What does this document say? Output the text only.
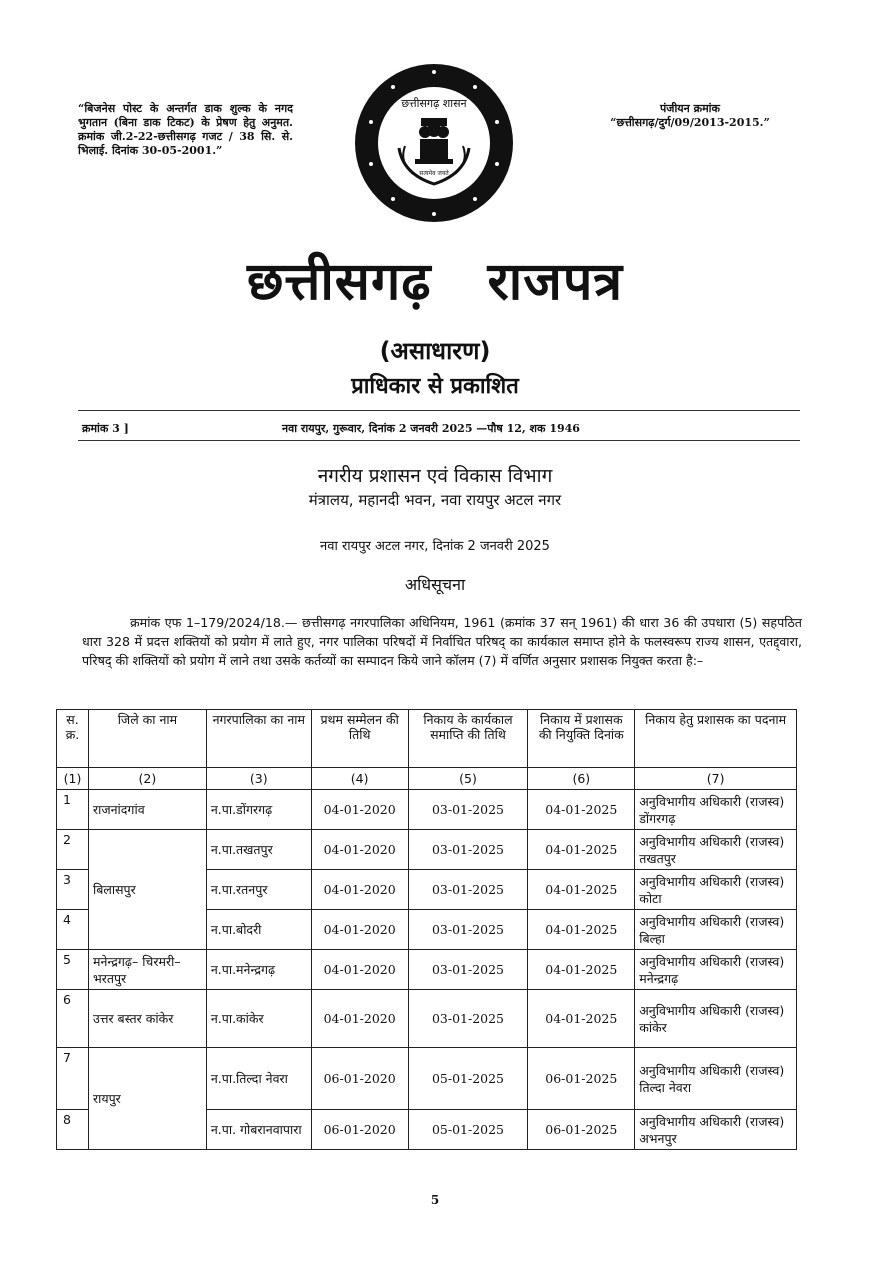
“बिजनेस पोस्ट के अन्तर्गत डाक शुल्क के नगद भुगतान (बिना डाक टिकट) के प्रेषण हेतु अनुमत. क्रमांक जी.2-22-छत्तीसगढ़ गजट / 38 सि. से. भिलाई. दिनांक 30-05-2001.”
छत्तीसगढ़ शासन
सत्यमेव जयते
पंजीयन क्रमांक
“छत्तीसगढ़/दुर्ग/09/2013-2015.”
छत्तीसगढ़ राजपत्र
(असाधारण)
प्राधिकार से प्रकाशित
क्रमांक 3 ]	नवा रायपुर, गुरूवार, दिनांक 2 जनवरी 2025 —पौष 12, शक 1946
नगरीय प्रशासन एवं विकास विभाग
मंत्रालय, महानदी भवन, नवा रायपुर अटल नगर
नवा रायपुर अटल नगर, दिनांक 2 जनवरी 2025
अधिसूचना
क्रमांक एफ 1–179/2024/18.— छत्तीसगढ़ नगरपालिका अधिनियम, 1961 (क्रमांक 37 सन् 1961) की धारा 36 की उपधारा (5) सहपठित धारा 328 में प्रदत्त शक्तियों को प्रयोग में लाते हुए, नगर पालिका परिषदों में निर्वाचित परिषद् का कार्यकाल समाप्त होने के फलस्वरूप राज्य शासन, एतद्द्वारा, परिषद् की शक्तियों को प्रयोग में लाने तथा उसके कर्तव्यों का सम्पादन किये जाने कॉलम (7) में वर्णित अनुसार प्रशासक नियुक्त करता है:–
स. क्र.	जिले का नाम	नगरपालिका का नाम	प्रथम सम्मेलन की तिथि	निकाय के कार्यकाल समाप्ति की तिथि	निकाय में प्रशासक की नियुक्ति दिनांक	निकाय हेतु प्रशासक का पदनाम
(1)	(2)	(3)	(4)	(5)	(6)	(7)
1	राजनांदगांव	न.पा.डोंगरगढ़	04-01-2020	03-01-2025	04-01-2025	अनुविभागीय अधिकारी (राजस्व) डोंगरगढ़
2	बिलासपुर	न.पा.तखतपुर	04-01-2020	03-01-2025	04-01-2025	अनुविभागीय अधिकारी (राजस्व) तखतपुर
3		न.पा.रतनपुर	04-01-2020	03-01-2025	04-01-2025	अनुविभागीय अधिकारी (राजस्व) कोटा
4		न.पा.बोदरी	04-01-2020	03-01-2025	04-01-2025	अनुविभागीय अधिकारी (राजस्व) बिल्हा
5	मनेन्द्रगढ़– चिरमरी– भरतपुर	न.पा.मनेन्द्रगढ़	04-01-2020	03-01-2025	04-01-2025	अनुविभागीय अधिकारी (राजस्व) मनेन्द्रगढ़
6	उत्तर बस्तर कांकेर	न.पा.कांकेर	04-01-2020	03-01-2025	04-01-2025	अनुविभागीय अधिकारी (राजस्व) कांकेर
7	रायपुर	न.पा.तिल्दा नेवरा	06-01-2020	05-01-2025	06-01-2025	अनुविभागीय अधिकारी (राजस्व) तिल्दा नेवरा
8		न.पा. गोबरानवापारा	06-01-2020	05-01-2025	06-01-2025	अनुविभागीय अधिकारी (राजस्व) अभनपुर
5
